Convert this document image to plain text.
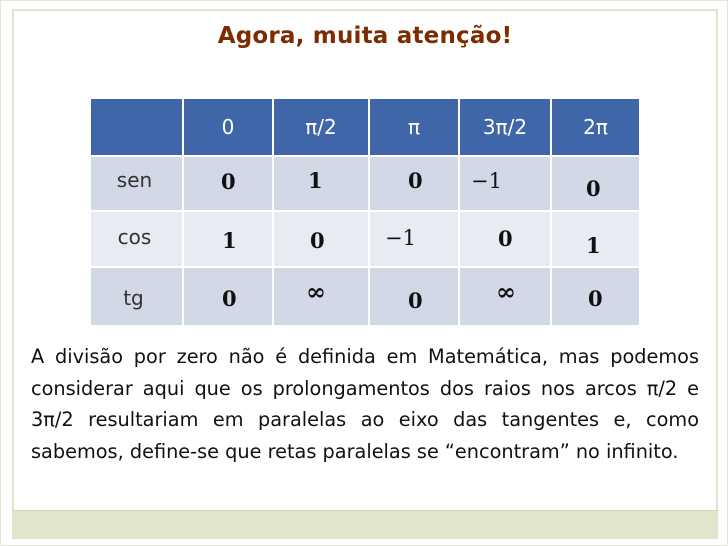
Agora, muita atenção!
	0	π/2	π	3π/2	2π

sen	0	1	0	−1	0

cos	1	0	−1	0	1

tg	0	∞	0	∞	0
A divisão por zero não é definida em Matemática, mas podemos considerar aqui que os prolongamentos dos raios nos arcos π/2 e 3π/2 resultariam em paralelas ao eixo das tangentes e, como sabemos, define-se que retas paralelas se “encontram” no infinito.
